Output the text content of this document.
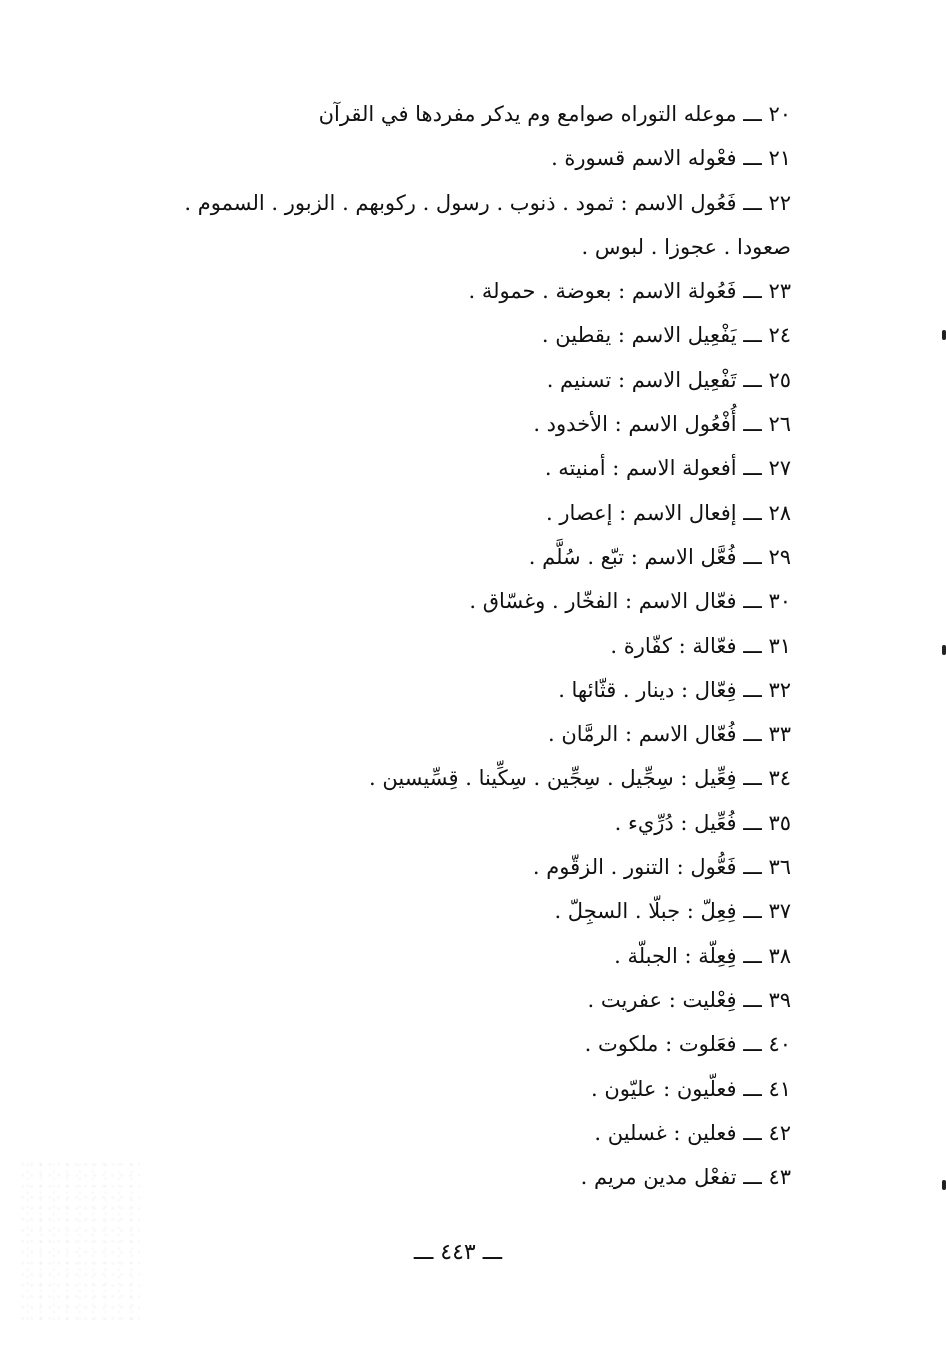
٢٠ ـــ موعله التوراه صوامع وم يدكر مفردها في القرآن
٢١ ـــ فعْوله الاسم قسورة .
٢٢ ـــ فَعُول الاسم : ثمود . ذنوب . رسول . ركوبهم . الزبور . السموم .
صعودا . عجوزا . لبوس .
٢٣ ـــ فَعُولة الاسم : بعوضة . حمولة .
٢٤ ـــ يَفْعِيل الاسم : يقطين .
٢٥ ـــ تَفْعِيل الاسم : تسنيم .
٢٦ ـــ أُفْعُول الاسم : الأخدود .
٢٧ ـــ أفعولة الاسم : أمنيته .
٢٨ ـــ إفعال الاسم : إعصار .
٢٩ ـــ فُعَّل الاسم : تبّع . سُلَّم .
٣٠ ـــ فعّال الاسم : الفخّار . وغسّاق .
٣١ ـــ فعّالة : كفّارة .
٣٢ ـــ فِعّال : دينار . قثّائها .
٣٣ ـــ فُعّال الاسم : الرمَّان .
٣٤ ـــ فِعِّيل : سِجِّيل . سِجِّين . سِكِّينا . قِسِّيسين .
٣٥ ـــ فُعِّيل : دُرِّيء .
٣٦ ـــ فَعُّول : التنور . الزقّوم .
٣٧ ـــ فِعِلّ : جبلّا . السجِلّ .
٣٨ ـــ فِعِلّة : الجبلّة .
٣٩ ـــ فِعْليت : عفريت .
٤٠ ـــ فعَلوت : ملكوت .
٤١ ـــ فعلّيون : عليّون .
٤٢ ـــ فعلين : غسلين .
٤٣ ـــ تفعْل مدين مريم .
ـــ ٤٤٣ ـــ
